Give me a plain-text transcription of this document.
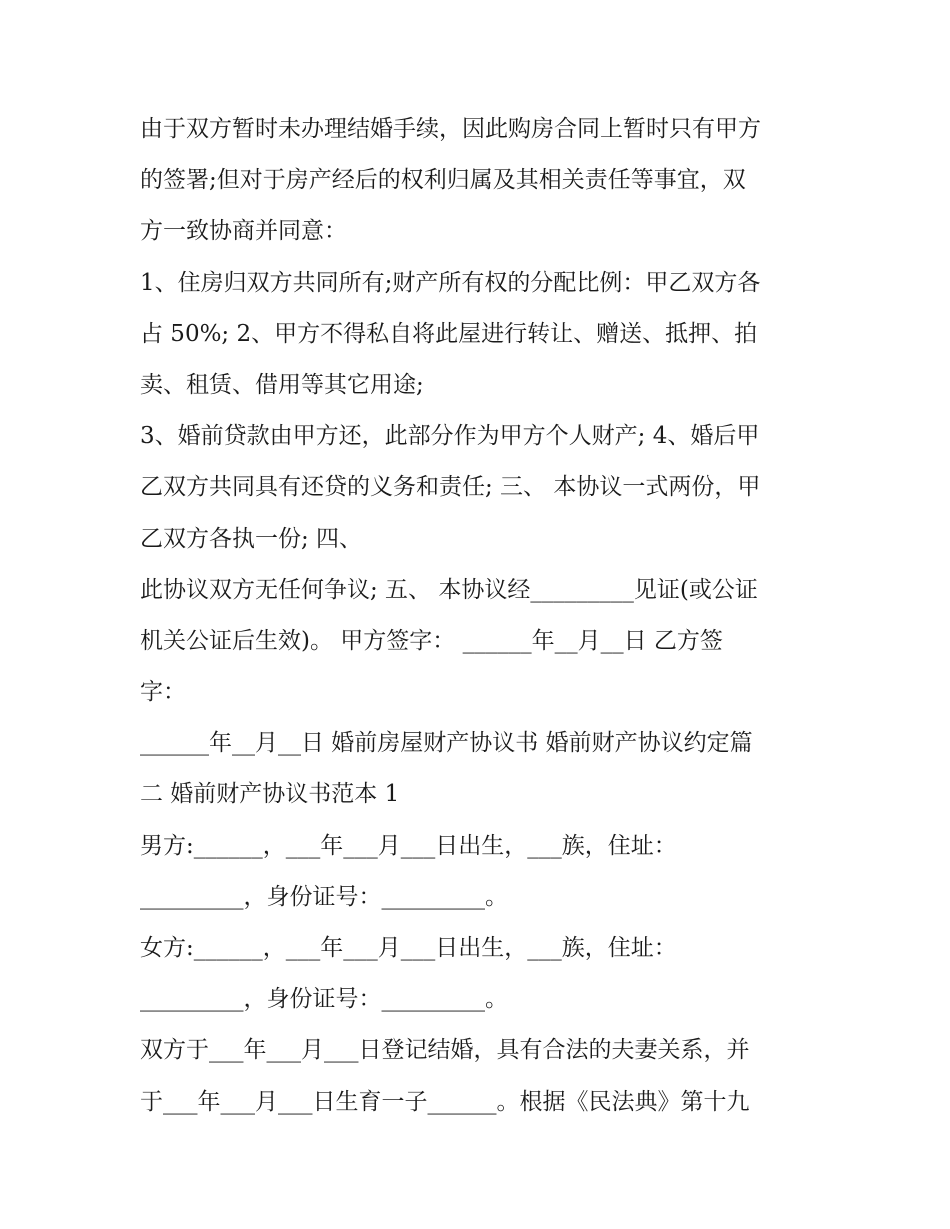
由于双方暂时未办理结婚手续，因此购房合同上暂时只有甲方
的签署;但对于房产经后的权利归属及其相关责任等事宜，双
方一致协商并同意：
1、住房归双方共同所有;财产所有权的分配比例：甲乙双方各
占 50%; 2、甲方不得私自将此屋进行转让、赠送、抵押、拍
卖、租赁、借用等其它用途;
3、婚前贷款由甲方还，此部分作为甲方个人财产; 4、婚后甲
乙双方共同具有还贷的义务和责任; 三、 本协议一式两份，甲
乙双方各执一份; 四、
此协议双方无任何争议; 五、 本协议经_________见证(或公证
机关公证后生效)。 甲方签字： ______年__月__日 乙方签
字：
______年__月__日 婚前房屋财产协议书 婚前财产协议约定篇
二 婚前财产协议书范本 1
男方:______，___年___月___日出生，___族，住址：
_________，身份证号：_________。
女方:______，___年___月___日出生，___族，住址：
_________，身份证号：_________。
双方于___年___月___日登记结婚，具有合法的夫妻关系，并
于___年___月___日生育一子______。根据《民法典》第十九
